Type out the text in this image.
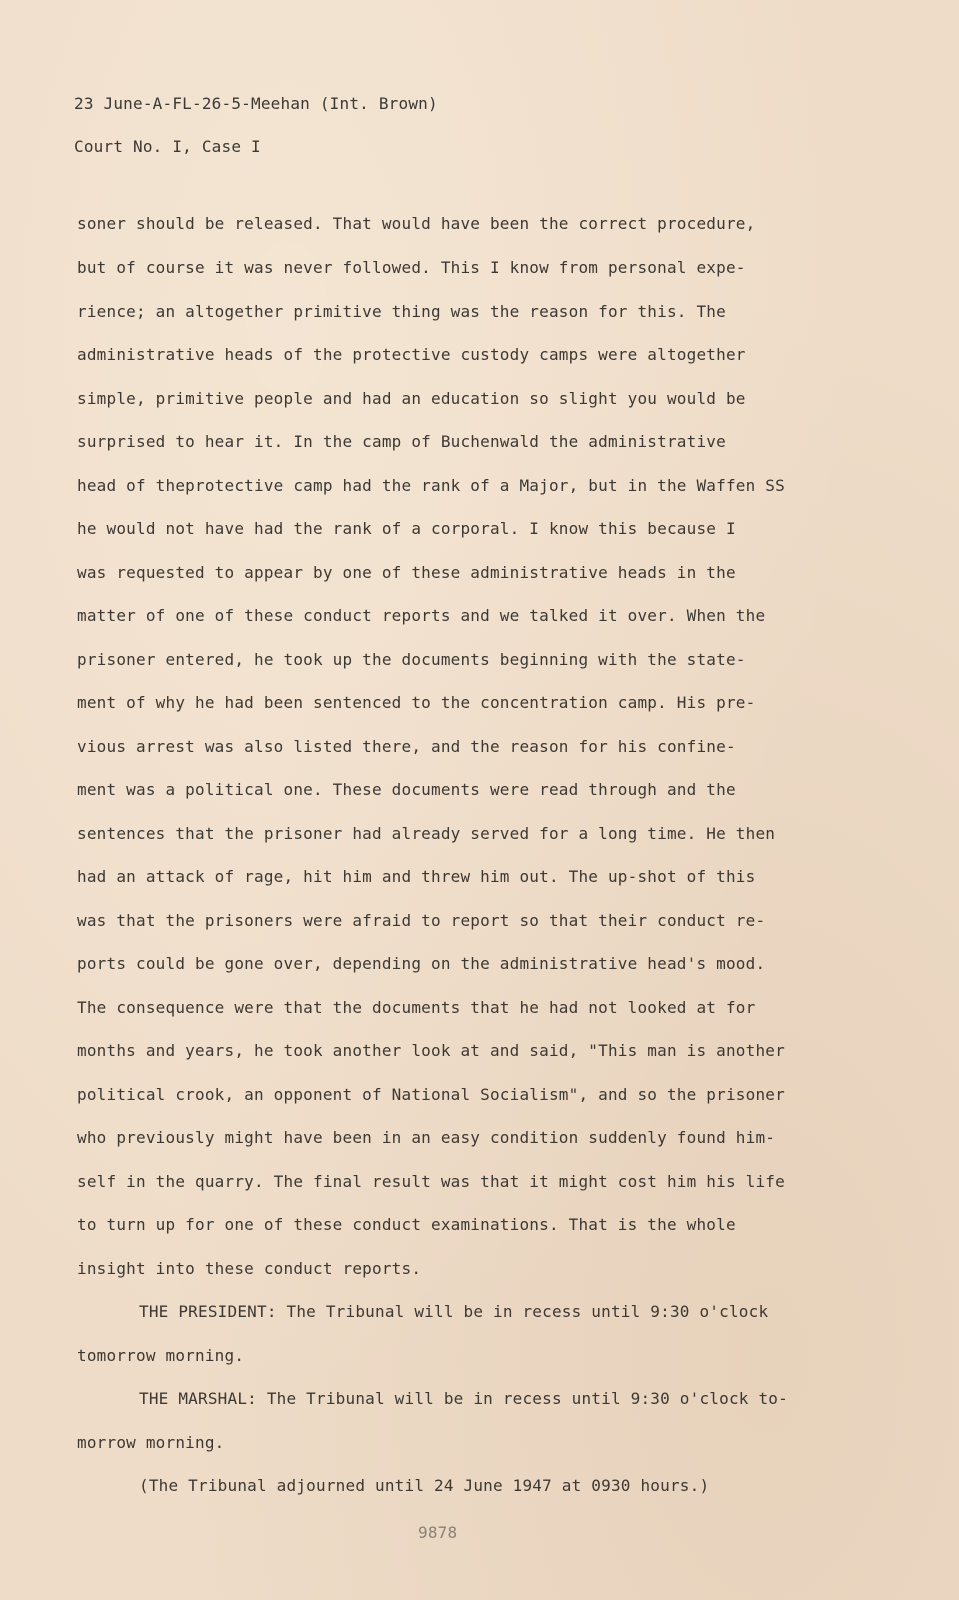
23 June-A-FL-26-5-Meehan (Int. Brown)
Court No. I, Case I
soner should be released. That would have been the correct procedure,
but of course it was never followed. This I know from personal expe-
rience; an altogether primitive thing was the reason for this. The
administrative heads of the protective custody camps were altogether
simple, primitive people and had an education so slight you would be
surprised to hear it. In the camp of Buchenwald the administrative
head of theprotective camp had the rank of a Major, but in the Waffen SS
he would not have had the rank of a corporal. I know this because I
was requested to appear by one of these administrative heads in the
matter of one of these conduct reports and we talked it over. When the
prisoner entered, he took up the documents beginning with the state-
ment of why he had been sentenced to the concentration camp. His pre-
vious arrest was also listed there, and the reason for his confine-
ment was a political one. These documents were read through and the
sentences that the prisoner had already served for a long time. He then
had an attack of rage, hit him and threw him out. The up-shot of this
was that the prisoners were afraid to report so that their conduct re-
ports could be gone over, depending on the administrative head's mood.
The consequence were that the documents that he had not looked at for
months and years, he took another look at and said, "This man is another
political crook, an opponent of National Socialism", and so the prisoner
who previously might have been in an easy condition suddenly found him-
self in the quarry. The final result was that it might cost him his life
to turn up for one of these conduct examinations. That is the whole
insight into these conduct reports.
THE PRESIDENT: The Tribunal will be in recess until 9:30 o'clock
tomorrow morning.
THE MARSHAL: The Tribunal will be in recess until 9:30 o'clock to-
morrow morning.
(The Tribunal adjourned until 24 June 1947 at 0930 hours.)
9878
